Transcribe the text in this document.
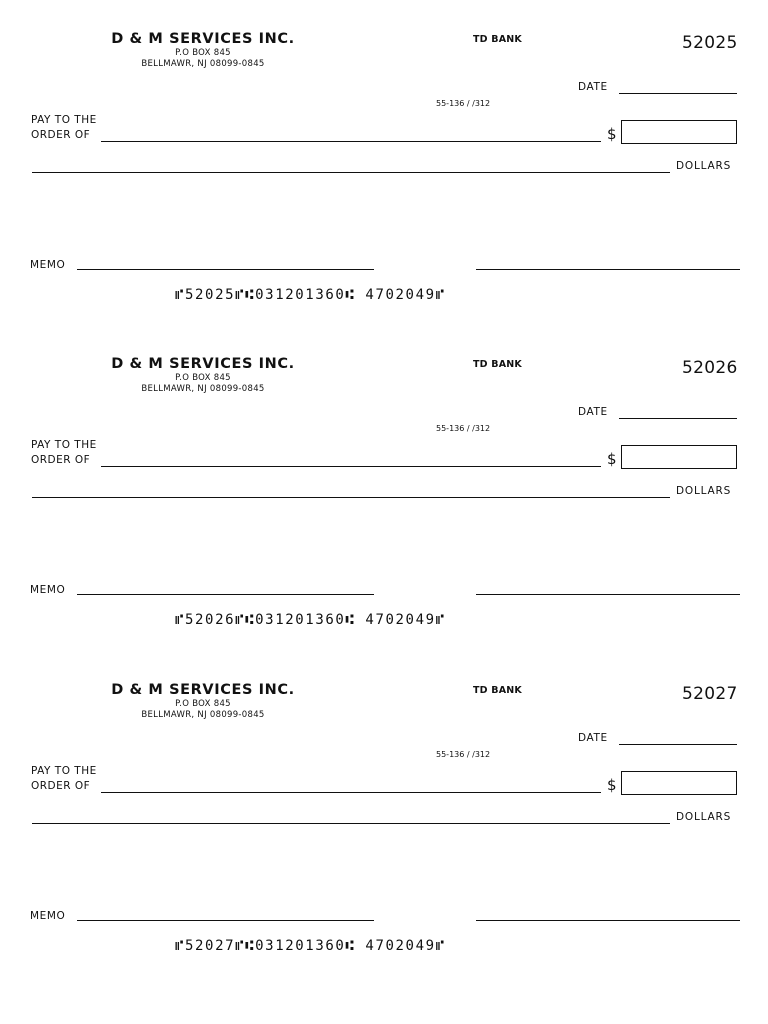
D & M SERVICES INC.
P.O BOX 845
BELLMAWR, NJ 08099-0845
TD BANK	52025
DATE
55-136 / /312
PAY TO THE
ORDER OF	$
DOLLARS
MEMO
⑈52025⑈⑆031201360⑆ 4702049⑈
D & M SERVICES INC.
P.O BOX 845
BELLMAWR, NJ 08099-0845
TD BANK	52026
DATE
55-136 / /312
PAY TO THE
ORDER OF	$
DOLLARS
MEMO
⑈52026⑈⑆031201360⑆ 4702049⑈
D & M SERVICES INC.
P.O BOX 845
BELLMAWR, NJ 08099-0845
TD BANK	52027
DATE
55-136 / /312
PAY TO THE
ORDER OF	$
DOLLARS
MEMO
⑈52027⑈⑆031201360⑆ 4702049⑈
